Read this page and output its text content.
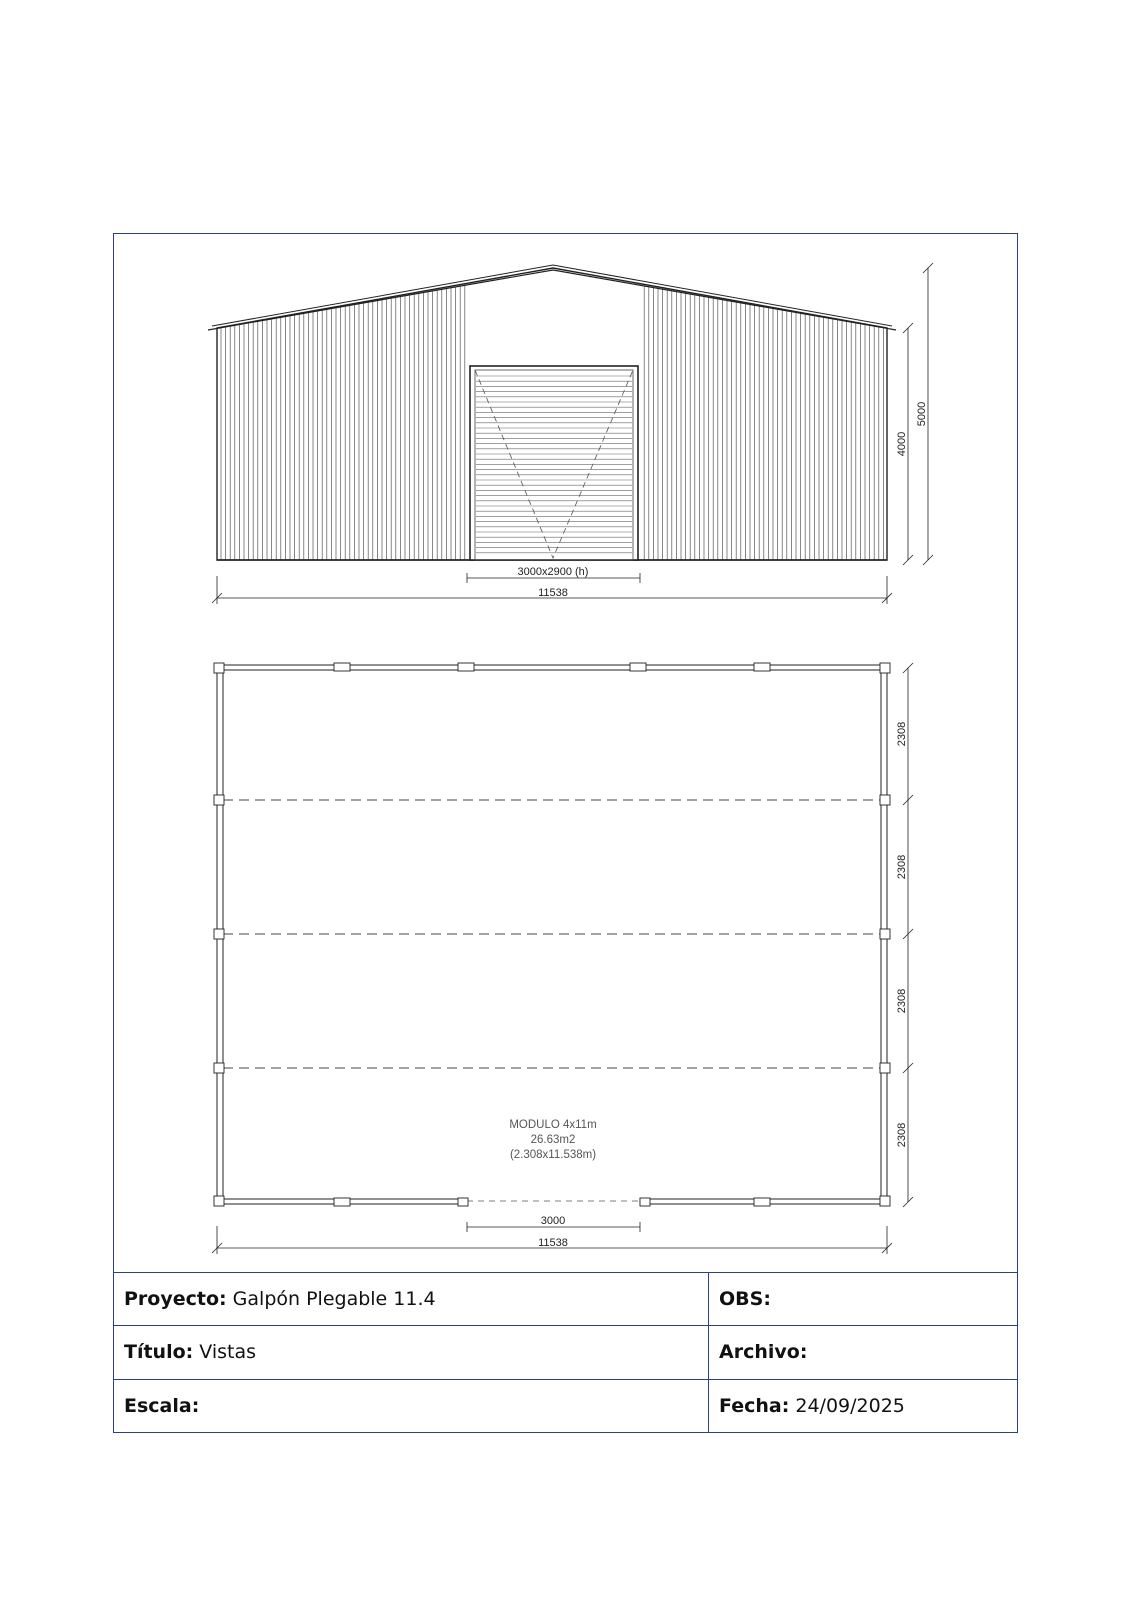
3000x2900 (h)
11538
4000
5000
MODULO 4x11m
26.63m2
(2.308x11.538m)
2308
2308
2308
2308
3000
11538
Proyecto: Galpón Plegable 11.4	OBS:
Título: Vistas	Archivo:
Escala:	Fecha: 24/09/2025
